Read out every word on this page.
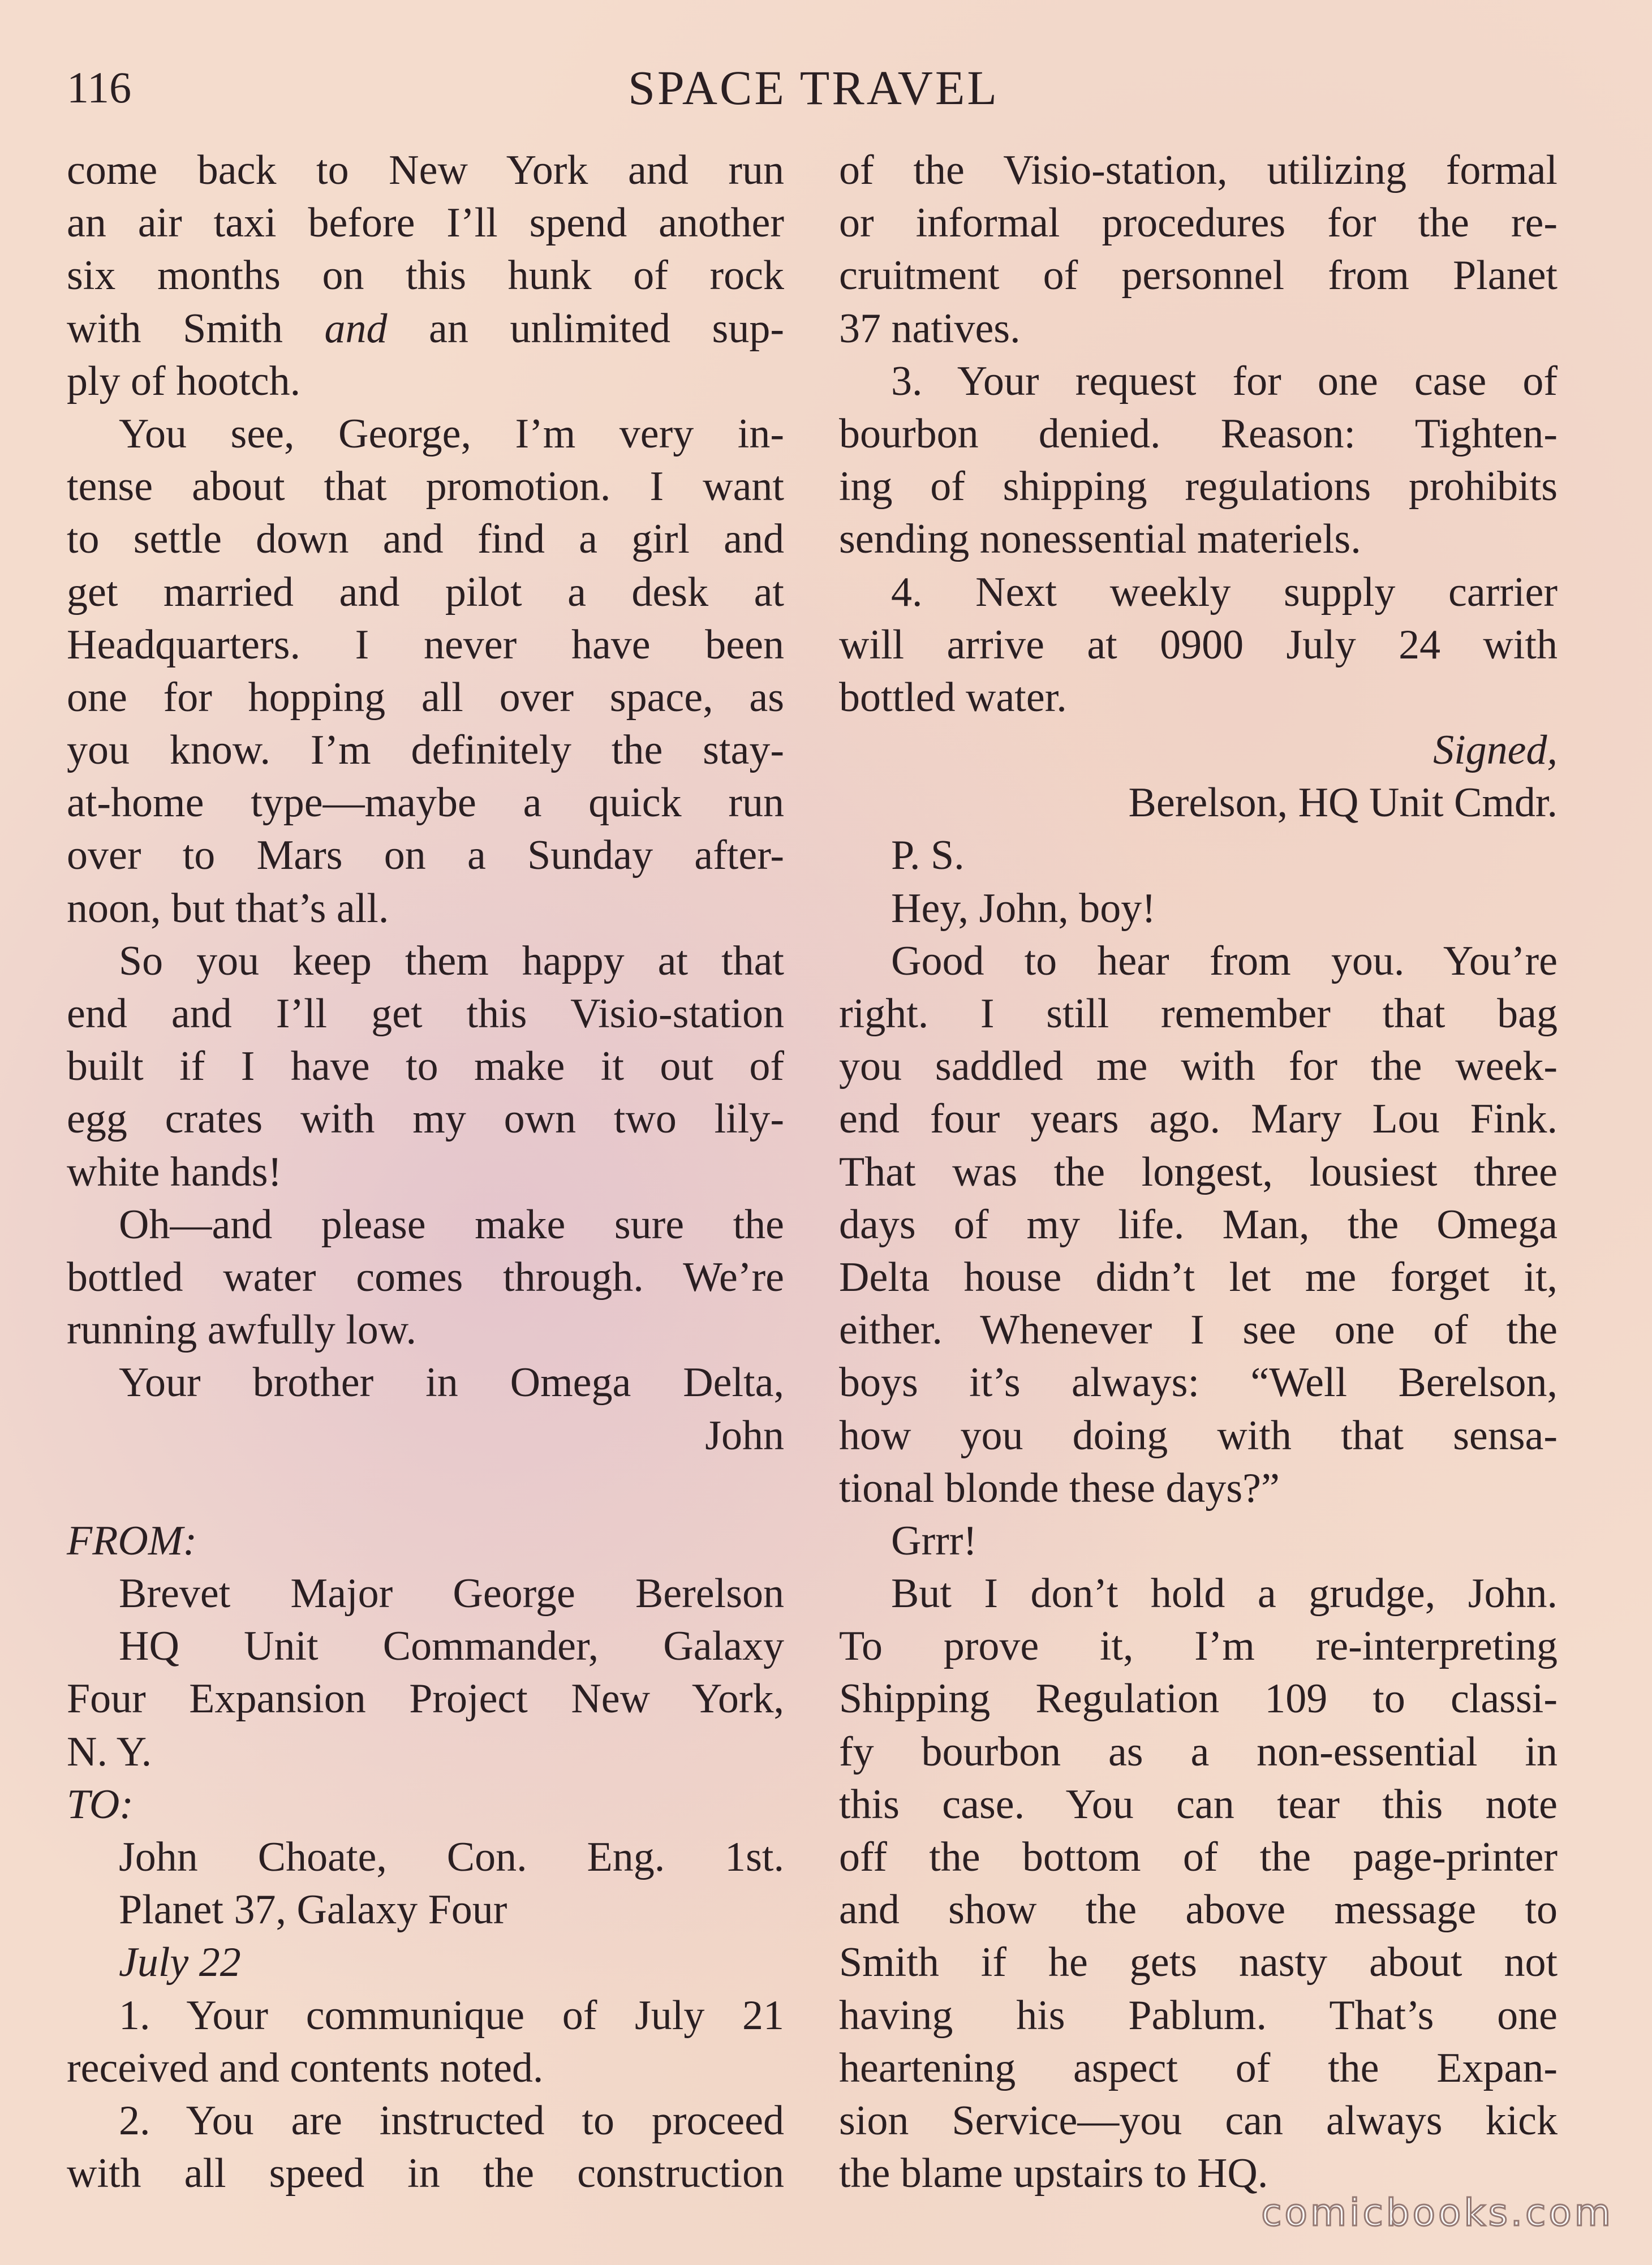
116	SPACE TRAVEL
come back to New York and run
an air taxi before I’ll spend another
six months on this hunk of rock
with Smith and an unlimited sup-
ply of hootch.
You see, George, I’m very in-
tense about that promotion. I want
to settle down and find a girl and
get married and pilot a desk at
Headquarters. I never have been
one for hopping all over space, as
you know. I’m definitely the stay-
at-home type—maybe a quick run
over to Mars on a Sunday after-
noon, but that’s all.
So you keep them happy at that
end and I’ll get this Visio-station
built if I have to make it out of
egg crates with my own two lily-
white hands!
Oh—and please make sure the
bottled water comes through. We’re
running awfully low.
Your brother in Omega Delta,
John
FROM:
Brevet Major George Berelson
HQ Unit Commander, Galaxy
Four Expansion Project New York,
N. Y.
TO:
John Choate, Con. Eng. 1st.
Planet 37, Galaxy Four
July 22
1. Your communique of July 21
received and contents noted.
2. You are instructed to proceed
with all speed in the construction
of the Visio-station, utilizing formal
or informal procedures for the re-
cruitment of personnel from Planet
37 natives.
3. Your request for one case of
bourbon denied. Reason: Tighten-
ing of shipping regulations prohibits
sending nonessential materiels.
4. Next weekly supply carrier
will arrive at 0900 July 24 with
bottled water.
Signed,
Berelson, HQ Unit Cmdr.
P. S.
Hey, John, boy!
Good to hear from you. You’re
right. I still remember that bag
you saddled me with for the week-
end four years ago. Mary Lou Fink.
That was the longest, lousiest three
days of my life. Man, the Omega
Delta house didn’t let me forget it,
either. Whenever I see one of the
boys it’s always: “Well Berelson,
how you doing with that sensa-
tional blonde these days?”
Grrr!
But I don’t hold a grudge, John.
To prove it, I’m re-interpreting
Shipping Regulation 109 to classi-
fy bourbon as a non-essential in
this case. You can tear this note
off the bottom of the page-printer
and show the above message to
Smith if he gets nasty about not
having his Pablum. That’s one
heartening aspect of the Expan-
sion Service—you can always kick
the blame upstairs to HQ.
comicbooks.com
